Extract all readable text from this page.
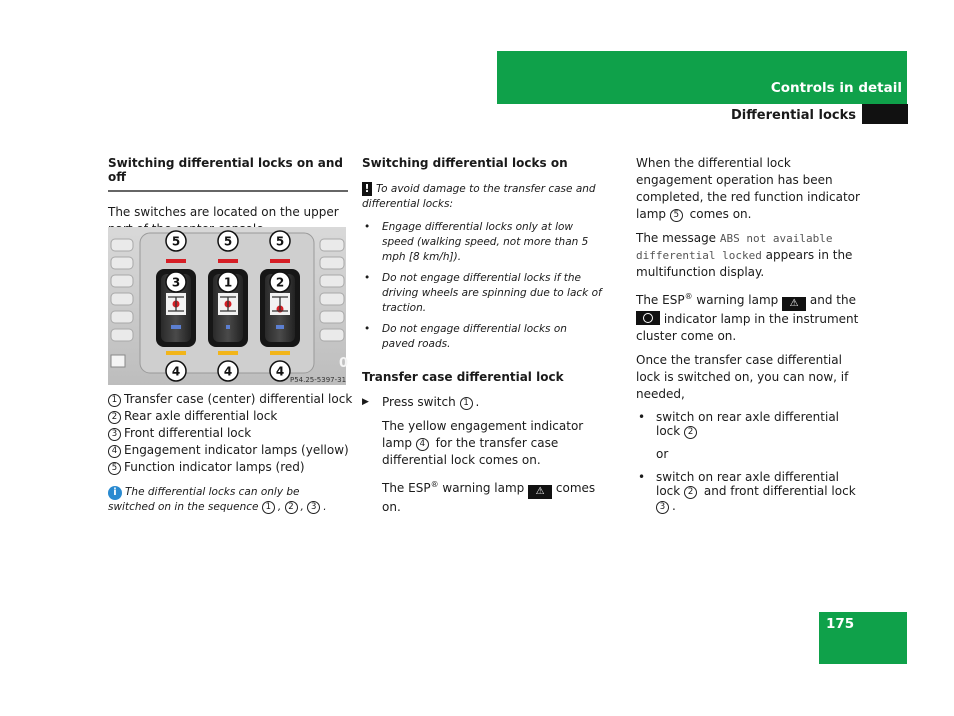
Controls in detail
Differential locks
Switching differential locks on and off

The switches are located on the upper

0
5	5	5
3	1	2
4	4	4
P54.25-5397-31

1 Transfer case (center) differential lock

2 Rear axle differential lock

3 Front differential lock

4 Engagement indicator lamps (yellow)

5 Function indicator lamps (red)

i The differential locks can only be switched on in the sequence 1 , 2 , 3 .
Switching differential locks on
! To avoid damage to the transfer case and differential locks:
• Engage differential locks only at low speed (walking speed, not more than 5 mph [8 km/h]).
• Do not engage differential locks if the driving wheels are spinning due to lack of traction.
• Do not engage differential locks on paved roads.
Transfer case differential lock

▶ Press switch 1 .

The yellow engagement indicator lamp 4 for the transfer case differential lock comes on.

The ESP® warning lamp ⚠ comes on.

When the differential lock engagement operation has been completed, the red function indicator lamp 5 comes on.

The message ABS not available differential locked appears in the multifunction display.

The ESP® warning lamp ⚠ and the  indicator lamp in the instrument cluster come on.

Once the transfer case differential lock is switched on, you can now, if needed,

• switch on rear axle differential lock 2

or

• switch on rear axle differential lock 2 and front differential lock 3 .
175
